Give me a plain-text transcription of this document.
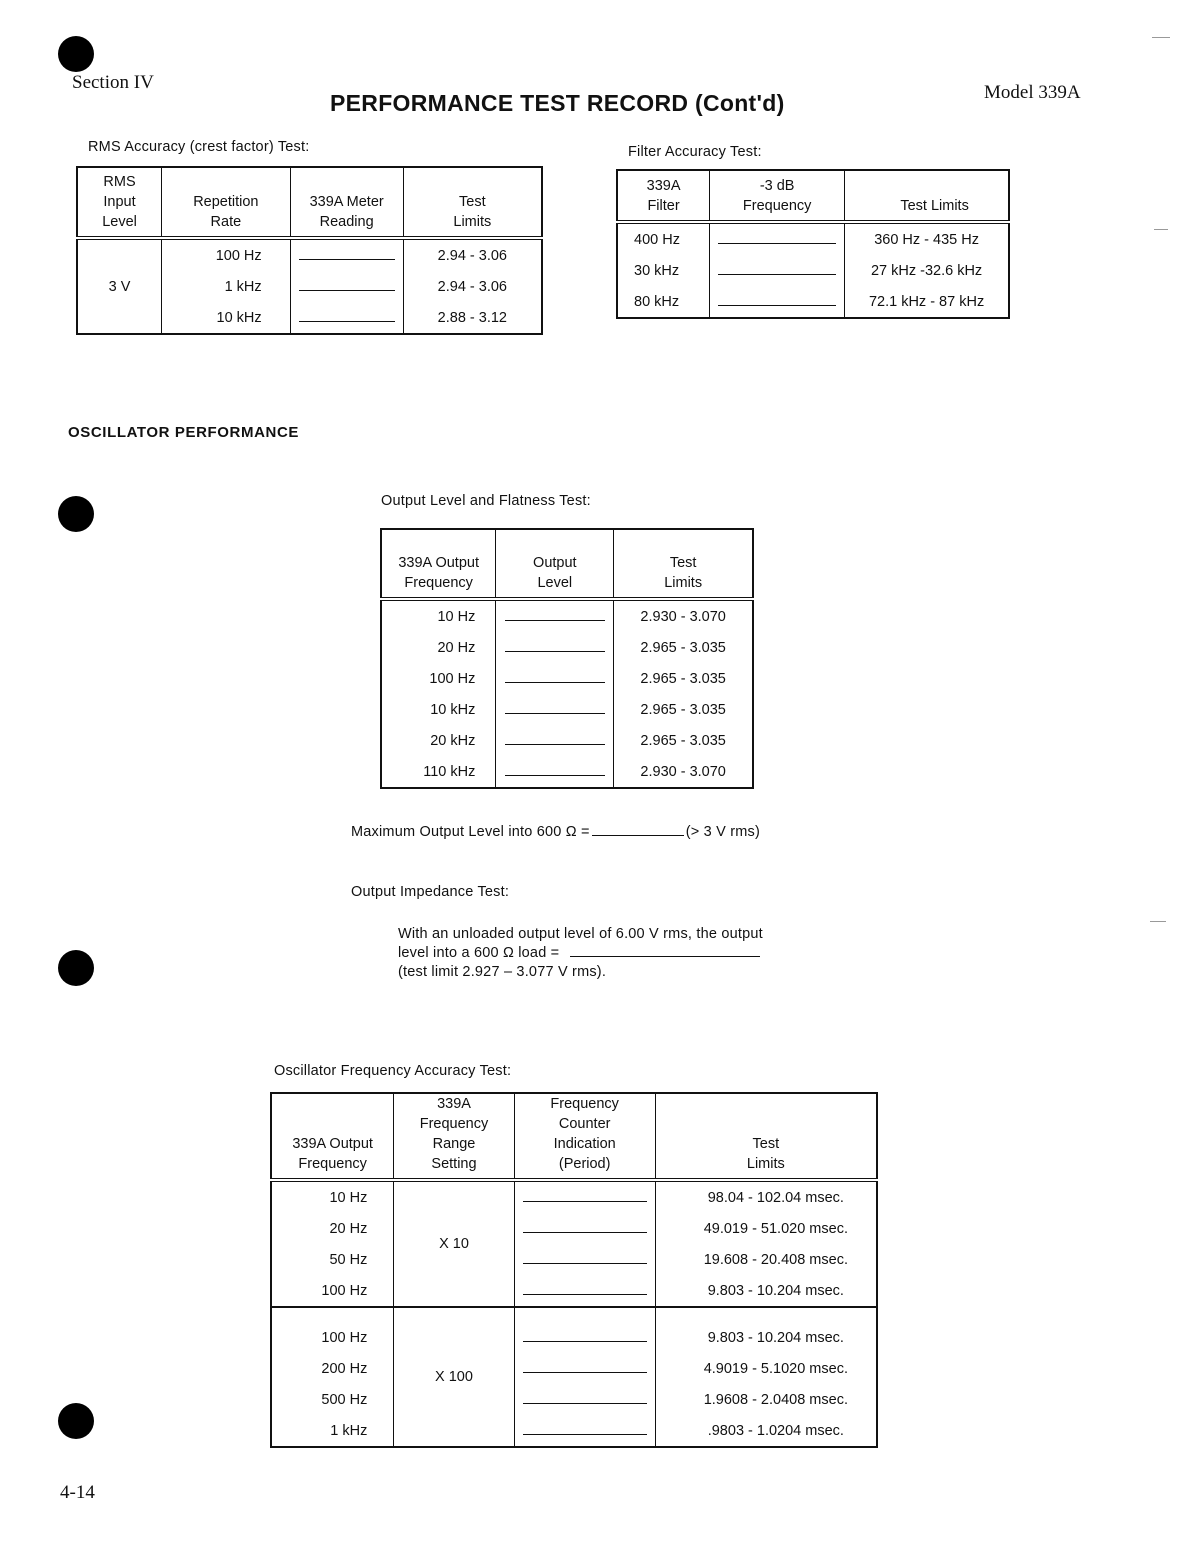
Section IV
PERFORMANCE TEST RECORD (Cont'd)	Model 339A
RMS Accuracy (crest factor) Test:
RMS Input Level	Repetition Rate	339A Meter Reading	Test Limits
3 V	100 Hz		2.94 - 3.06
	1 kHz		2.94 - 3.06
	10 kHz		2.88 - 3.12
Filter Accuracy Test:
339A Filter	-3 dB Frequency	Test Limits
400 Hz		360 Hz - 435 Hz
30 kHz		27 kHz -32.6 kHz
80 kHz		72.1 kHz - 87 kHz
OSCILLATOR PERFORMANCE
Output Level and Flatness Test:
339A Output Frequency	Output Level	Test Limits
10 Hz		2.930 - 3.070
20 Hz		2.965 - 3.035
100 Hz		2.965 - 3.035
10 kHz		2.965 - 3.035
20 kHz		2.965 - 3.035
110 kHz		2.930 - 3.070
Maximum Output Level into 600 Ω =	(> 3 V rms)
Output Impedance Test:
With an unloaded output level of 6.00 V rms, the output
level into a 600 Ω load =
(test limit 2.927 – 3.077 V rms).
Oscillator Frequency Accuracy Test:
339A Output Frequency	339A Frequency Range Setting	Frequency Counter Indication (Period)	Test Limits
10 Hz	X 10		98.04 - 102.04 msec.
20 Hz			49.019 - 51.020 msec.
50 Hz			19.608 - 20.408 msec.
100 Hz			9.803 - 10.204 msec.
100 Hz	X 100		9.803 - 10.204 msec.
200 Hz			4.9019 - 5.1020 msec.
500 Hz			1.9608 - 2.0408 msec.
1 kHz			.9803 - 1.0204 msec.
4-14
